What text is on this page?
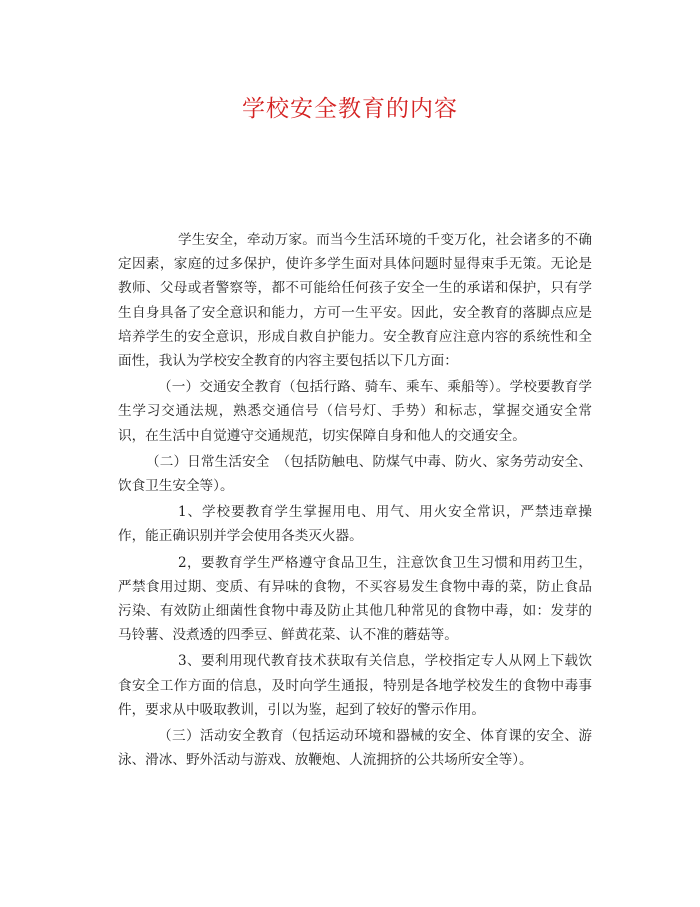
学校安全教育的内容

学生安全，牵动万家。而当今生活环境的千变万化，社会诸多的不确定因素，家庭的过多保护，使许多学生面对具体问题时显得束手无策。无论是教师、父母或者警察等，都不可能给任何孩子安全一生的承诺和保护，只有学生自身具备了安全意识和能力，方可一生平安。因此，安全教育的落脚点应是培养学生的安全意识，形成自救自护能力。安全教育应注意内容的系统性和全面性，我认为学校安全教育的内容主要包括以下几方面：

（一）交通安全教育（包括行路、骑车、乘车、乘船等）。学校要教育学生学习交通法规，熟悉交通信号（信号灯、手势）和标志，掌握交通安全常识，在生活中自觉遵守交通规范，切实保障自身和他人的交通安全。

（二）日常生活安全　（包括防触电、防煤气中毒、防火、家务劳动安全、饮食卫生安全等）。

1、学校要教育学生掌握用电、用气、用火安全常识，严禁违章操作，能正确识别并学会使用各类灭火器。

2，要教育学生严格遵守食品卫生，注意饮食卫生习惯和用药卫生，严禁食用过期、变质、有异味的食物，不买容易发生食物中毒的菜，防止食品污染、有效防止细菌性食物中毒及防止其他几种常见的食物中毒，如：发芽的马铃薯、没煮透的四季豆、鲜黄花菜、认不准的蘑菇等。

3、要利用现代教育技术获取有关信息，学校指定专人从网上下载饮食安全工作方面的信息，及时向学生通报，特别是各地学校发生的食物中毒事件，要求从中吸取教训，引以为鉴，起到了较好的警示作用。

（三）活动安全教育（包括运动环境和器械的安全、体育课的安全、游泳、滑冰、野外活动与游戏、放鞭炮、人流拥挤的公共场所安全等）。
